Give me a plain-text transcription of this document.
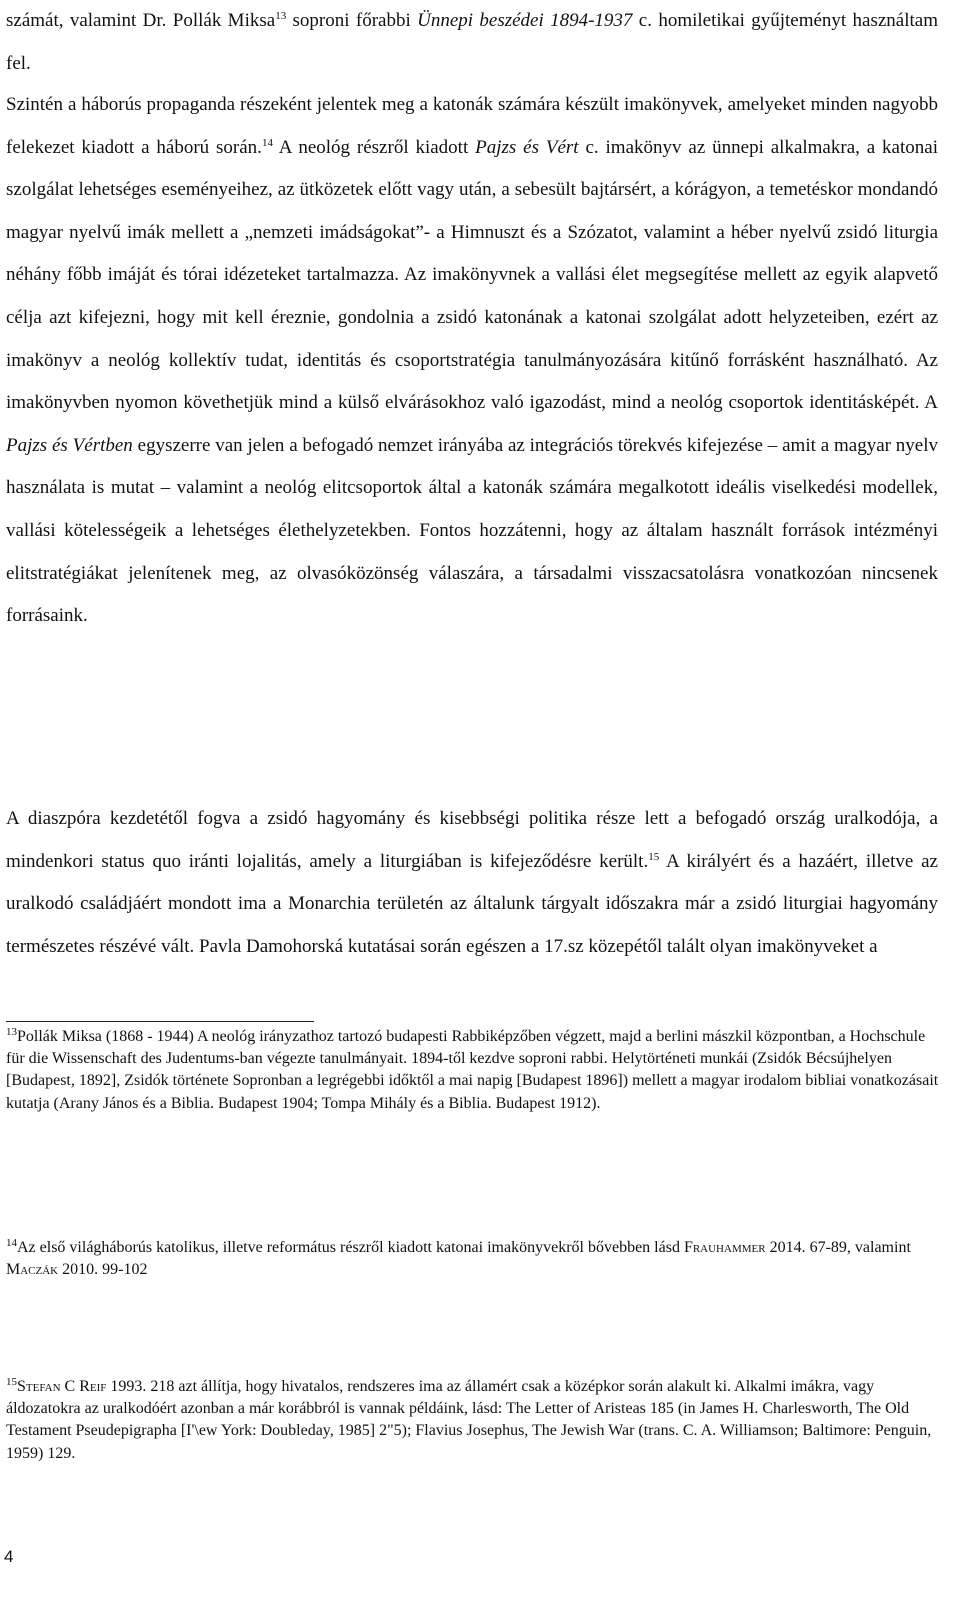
számát, valamint Dr. Pollák Miksa$^{13}$ soproni főrabbi Ünnepi beszédei 1894-1937 c. homiletikai gyűjteményt használtam fel.

Szintén a háborús propaganda részeként jelentek meg a katonák számára készült imakönyvek, amelyeket minden nagyobb felekezet kiadott a háború során.$^{14}$ A neológ részről kiadott Pajzs és Vért c. imakönyv az ünnepi alkalmakra, a katonai szolgálat lehetséges eseményeihez, az ütközetek előtt vagy után, a sebesült bajtársért, a kórágyon, a temetéskor mondandó magyar nyelvű imák mellett a „nemzeti imádságokat”- a Himnuszt és a Szózatot, valamint a héber nyelvű zsidó liturgia néhány főbb imáját és tórai idézeteket tartalmazza. Az imakönyvnek a vallási élet megsegítése mellett az egyik alapvető célja azt kifejezni, hogy mit kell éreznie, gondolnia a zsidó katonának a katonai szolgálat adott helyzeteiben, ezért az imakönyv a neológ kollektív tudat, identitás és csoportstratégia tanulmányozására kitűnő forrásként használható. Az imakönyvben nyomon követhetjük mind a külső elvárásokhoz való igazodást, mind a neológ csoportok identitásképét. A Pajzs és Vértben egyszerre van jelen a befogadó nemzet irányába az integrációs törekvés kifejezése – amit a magyar nyelv használata is mutat – valamint a neológ elitcsoportok által a katonák számára megalkotott ideális viselkedési modellek, vallási kötelességeik a lehetséges élethelyzetekben. Fontos hozzátenni, hogy az általam használt források intézményi elitstratégiákat jelenítenek meg, az olvasóközönség válaszára, a társadalmi visszacsatolásra vonatkozóan nincsenek forrásaink.

A diaszpóra kezdetétől fogva a zsidó hagyomány és kisebbségi politika része lett a befogadó ország uralkodója, a mindenkori status quo iránti lojalitás, amely a liturgiában is kifejeződésre került.$^{15}$ A királyért és a hazáért, illetve az uralkodó családjáért mondott ima a Monarchia területén az általunk tárgyalt időszakra már a zsidó liturgiai hagyomány természetes részévé vált. Pavla Damohorská kutatásai során egészen a 17.sz közepétől talált olyan imakönyveket a

$^{13}$Pollák Miksa (1868 - 1944) A neológ irányzathoz tartozó budapesti Rabbiképzőben végzett, majd a berlini mászkil központban, a Hochschule für die Wissenschaft des Judentums-ban végezte tanulmányait. 1894-től kezdve soproni rabbi. Helytörténeti munkái (Zsidók Bécsújhelyen [Budapest, 1892], Zsidók története Sopronban a legrégebbi időktől a mai napig [Budapest 1896]) mellett a magyar irodalom bibliai vonatkozásait kutatja (Arany János és a Biblia. Budapest 1904; Tompa Mihály és a Biblia. Budapest 1912).

$^{14}$Az első világháborús katolikus, illetve református részről kiadott katonai imakönyvekről bővebben lásd Frauhammer 2014. 67-89, valamint Maczák 2010. 99-102

$^{15}$Stefan C Reif 1993. 218 azt állítja, hogy hivatalos, rendszeres ima az államért csak a középkor során alakult ki. Alkalmi imákra, vagy áldozatokra az uralkodóért azonban a már korábbról is vannak példáink, lásd: The Letter of Aristeas 185 (in James H. Charlesworth, The Old Testament Pseudepigrapha [I'\ew York: Doubleday, 1985] 2"5); Flavius Josephus, The Jewish War (trans. C. A. Williamson; Baltimore: Penguin, 1959) 129.

4
